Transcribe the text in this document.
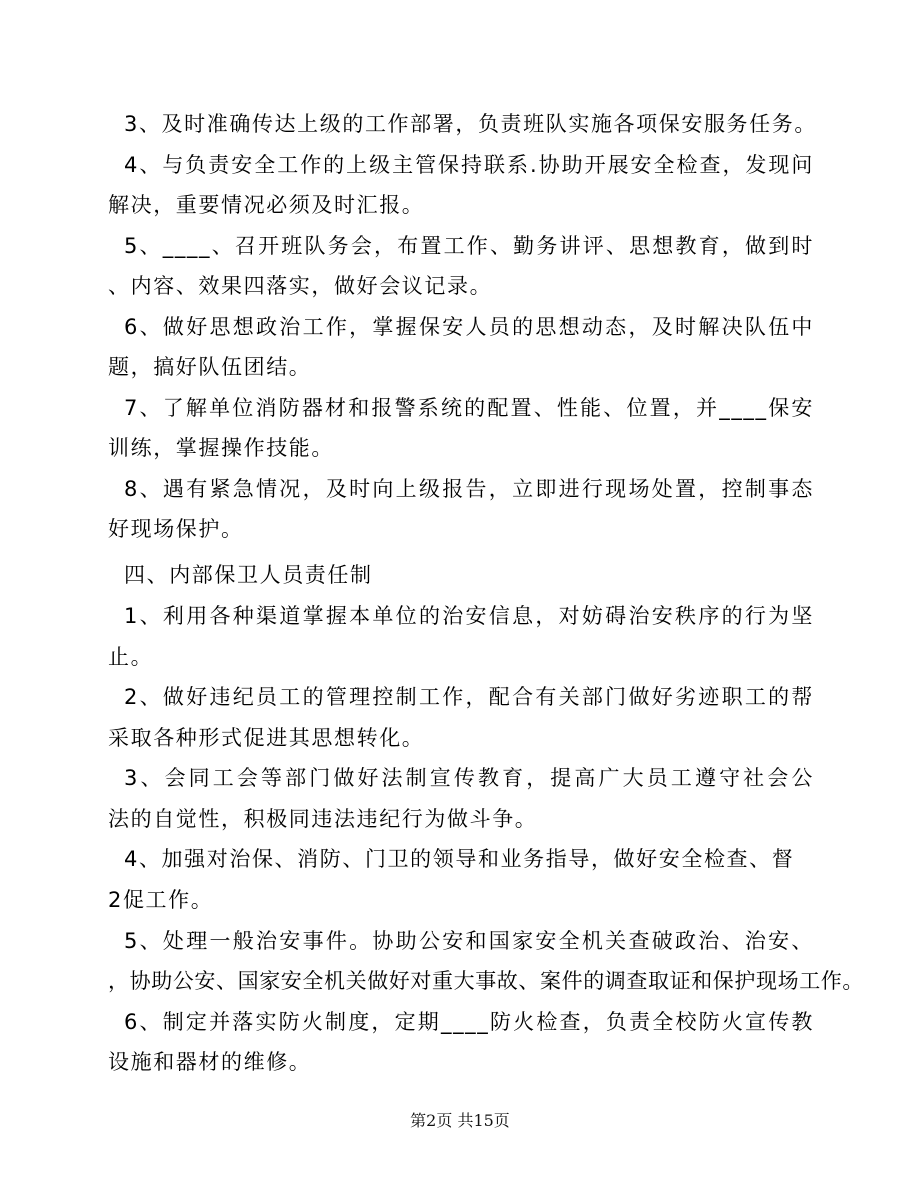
3、及时准确传达上级的工作部署，负责班队实施各项保安服务任务。
4、与负责安全工作的上级主管保持联系.协助开展安全检查，发现问
解决，重要情况必须及时汇报。
5、____、召开班队务会，布置工作、勤务讲评、思想教育，做到时
、内容、效果四落实，做好会议记录。
6、做好思想政治工作，掌握保安人员的思想动态，及时解决队伍中
题，搞好队伍团结。
7、了解单位消防器材和报警系统的配置、性能、位置，并____保安
训练，掌握操作技能。
8、遇有紧急情况，及时向上级报告，立即进行现场处置，控制事态
好现场保护。
四、内部保卫人员责任制
1、利用各种渠道掌握本单位的治安信息，对妨碍治安秩序的行为坚
止。
2、做好违纪员工的管理控制工作，配合有关部门做好劣迹职工的帮
采取各种形式促进其思想转化。
3、会同工会等部门做好法制宣传教育，提高广大员工遵守社会公
法的自觉性，积极同违法违纪行为做斗争。
4、加强对治保、消防、门卫的领导和业务指导，做好安全检查、督
2促工作。
5、处理一般治安事件。协助公安和国家安全机关查破政治、治安、
，协助公安、国家安全机关做好对重大事故、案件的调查取证和保护现场工作。
6、制定并落实防火制度，定期____防火检查，负责全校防火宣传教
设施和器材的维修。
第2页 共15页
